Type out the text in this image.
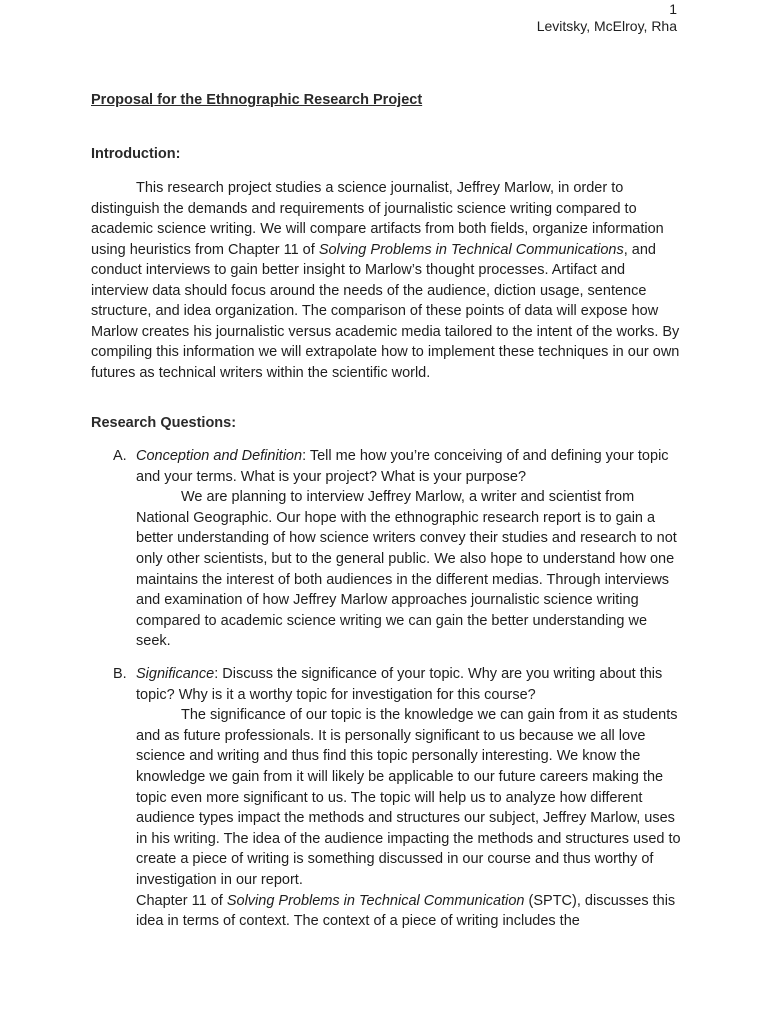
1
Levitsky, McElroy, Rha
Proposal for the Ethnographic Research Project
Introduction:
This research project studies a science journalist, Jeffrey Marlow, in order to distinguish the demands and requirements of journalistic science writing compared to academic science writing. We will compare artifacts from both fields, organize information using heuristics from Chapter 11 of Solving Problems in Technical Communications, and conduct interviews to gain better insight to Marlow’s thought processes. Artifact and interview data should focus around the needs of the audience, diction usage, sentence structure, and idea organization. The comparison of these points of data will expose how Marlow creates his journalistic versus academic media tailored to the intent of the works. By compiling this information we will extrapolate how to implement these techniques in our own futures as technical writers within the scientific world.
Research Questions:
A. Conception and Definition: Tell me how you’re conceiving of and defining your topic and your terms. What is your project? What is your purpose?
We are planning to interview Jeffrey Marlow, a writer and scientist from National Geographic. Our hope with the ethnographic research report is to gain a better understanding of how science writers convey their studies and research to not only other scientists, but to the general public. We also hope to understand how one maintains the interest of both audiences in the different medias. Through interviews and examination of how Jeffrey Marlow approaches journalistic science writing compared to academic science writing we can gain the better understanding we seek.
B. Significance: Discuss the significance of your topic. Why are you writing about this topic? Why is it a worthy topic for investigation for this course?
The significance of our topic is the knowledge we can gain from it as students and as future professionals. It is personally significant to us because we all love science and writing and thus find this topic personally interesting. We know the knowledge we gain from it will likely be applicable to our future careers making the topic even more significant to us. The topic will help us to analyze how different audience types impact the methods and structures our subject, Jeffrey Marlow, uses in his writing. The idea of the audience impacting the methods and structures used to create a piece of writing is something discussed in our course and thus worthy of investigation in our report.
Chapter 11 of Solving Problems in Technical Communication (SPTC), discusses this idea in terms of context. The context of a piece of writing includes the
